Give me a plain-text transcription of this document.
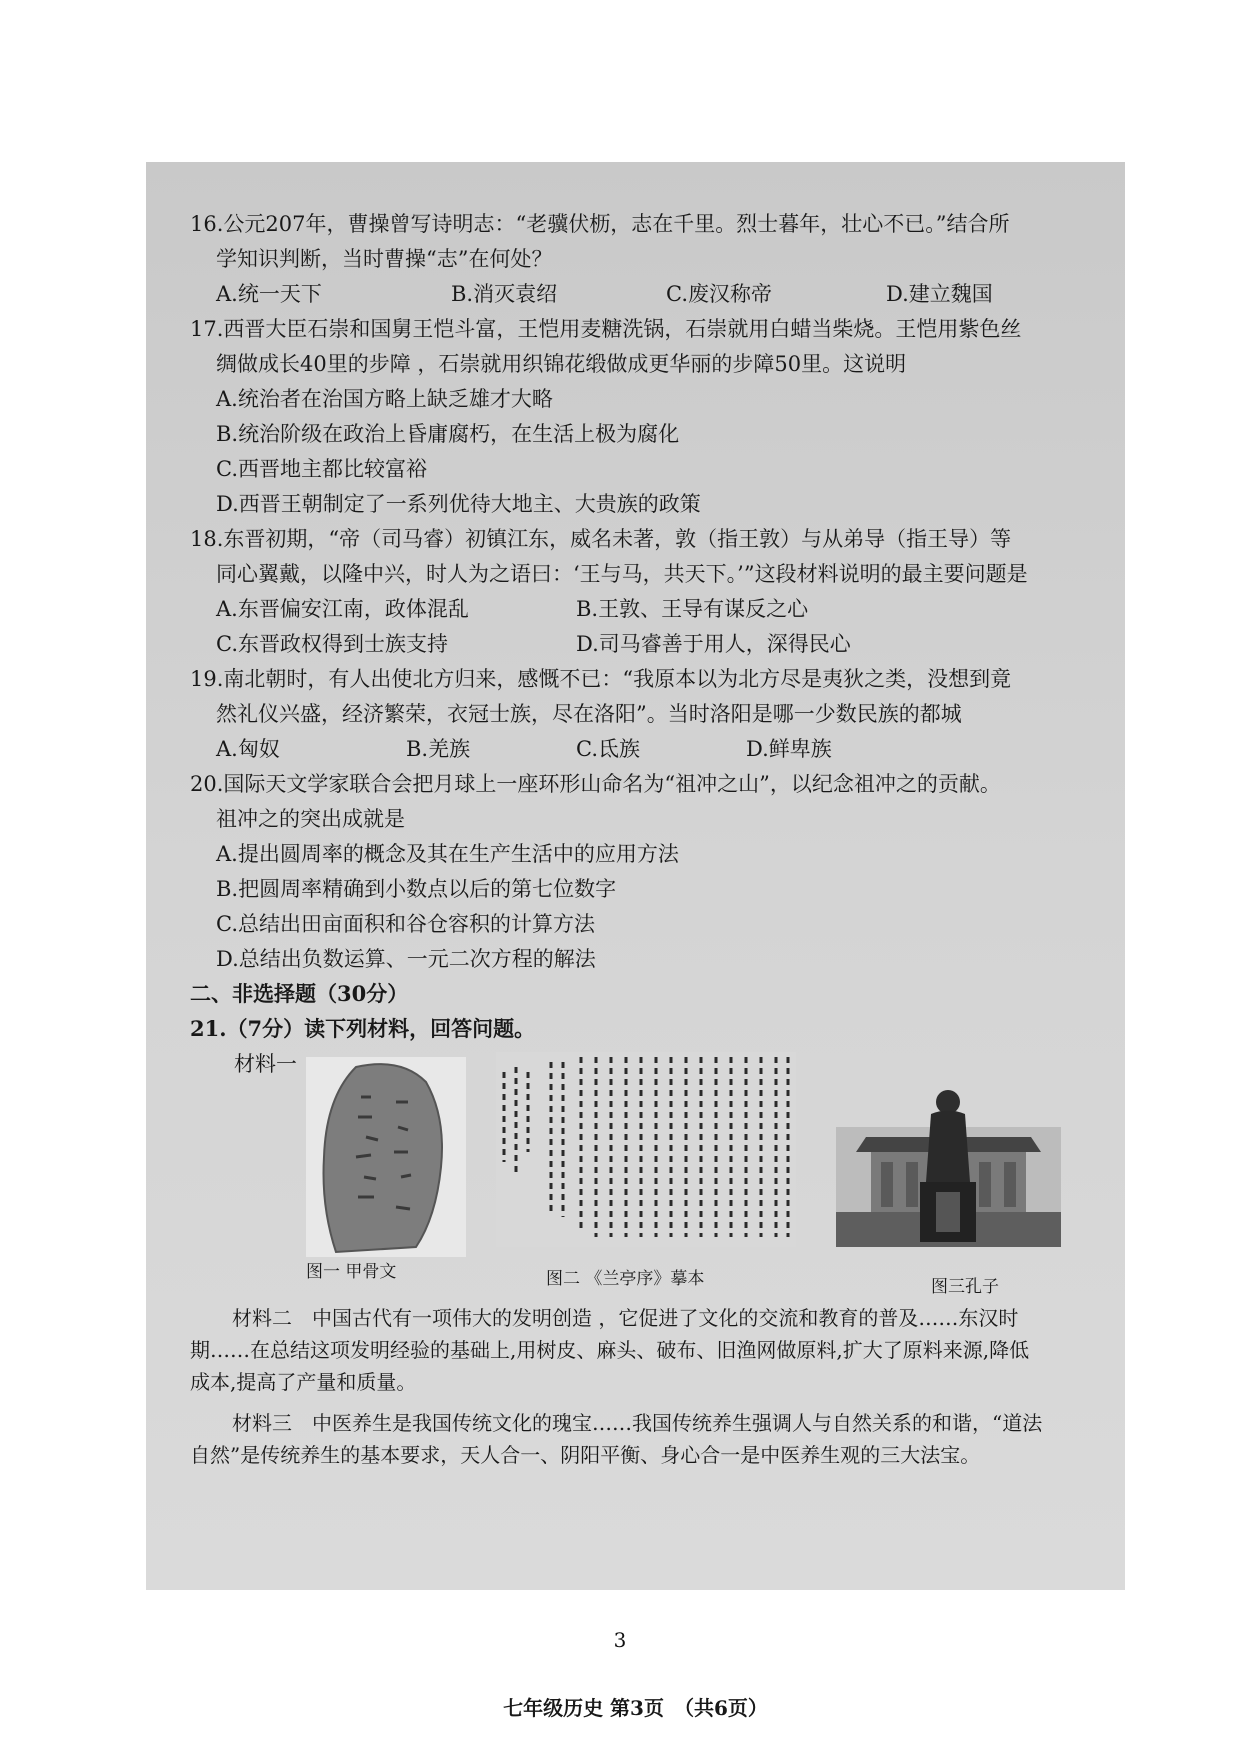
16.公元207年，曹操曾写诗明志：“老骥伏枥，志在千里。烈士暮年，壮心不已。”结合所
学知识判断，当时曹操“志”在何处？
A.统一天下	B.消灭袁绍	C.废汉称帝	D.建立魏国
17.西晋大臣石崇和国舅王恺斗富，王恺用麦糖洗锅，石崇就用白蜡当柴烧。王恺用紫色丝
绸做成长40里的步障 ，石崇就用织锦花缎做成更华丽的步障50里。这说明
A.统治者在治国方略上缺乏雄才大略
B.统治阶级在政治上昏庸腐朽，在生活上极为腐化
C.西晋地主都比较富裕
D.西晋王朝制定了一系列优待大地主、大贵族的政策
18.东晋初期，“帝（司马睿）初镇江东，威名未著，敦（指王敦）与从弟导（指王导）等
同心翼戴，以隆中兴，时人为之语曰：‘王与马，共天下。’”这段材料说明的最主要问题是
A.东晋偏安江南，政体混乱	B.王敦、王导有谋反之心
C.东晋政权得到士族支持	D.司马睿善于用人，深得民心
19.南北朝时，有人出使北方归来，感慨不已：“我原本以为北方尽是夷狄之类，没想到竟
然礼仪兴盛，经济繁荣，衣冠士族，尽在洛阳”。当时洛阳是哪一少数民族的都城
A.匈奴	B.羌族	C.氐族	D.鲜卑族
20.国际天文学家联合会把月球上一座环形山命名为“祖冲之山”，以纪念祖冲之的贡献。
祖冲之的突出成就是
A.提出圆周率的概念及其在生产生活中的应用方法
B.把圆周率精确到小数点以后的第七位数字
C.总结出田亩面积和谷仓容积的计算方法
D.总结出负数运算、一元二次方程的解法
二、非选择题（30分）
21.（7分）读下列材料，回答问题。
材料一
图一 甲骨文	图二 《兰亭序》摹本	图三孔子
材料二　中国古代有一项伟大的发明创造 ，它促进了文化的交流和教育的普及……东汉时期……在总结这项发明经验的基础上,用树皮、麻头、破布、旧渔网做原料,扩大了原料来源,降低成本,提高了产量和质量。
材料三　中医养生是我国传统文化的瑰宝……我国传统养生强调人与自然关系的和谐，“道法自然”是传统养生的基本要求，天人合一、阴阳平衡、身心合一是中医养生观的三大法宝。
七年级历史 第3页　（共6页）
3
